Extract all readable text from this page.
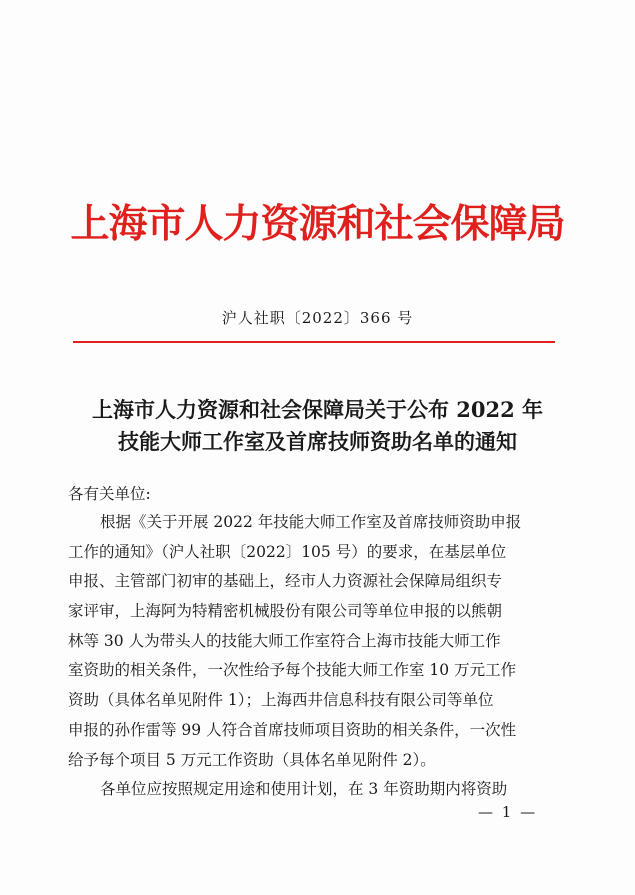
上海市人力资源和社会保障局
沪人社职〔2022〕366 号
上海市人力资源和社会保障局关于公布 2022 年
技能大师工作室及首席技师资助名单的通知
各有关单位:
根据《关于开展 2022 年技能大师工作室及首席技师资助申报
工作的通知》（沪人社职〔2022〕105 号）的要求，在基层单位
申报、主管部门初审的基础上，经市人力资源社会保障局组织专
家评审，上海阿为特精密机械股份有限公司等单位申报的以熊朝
林等 30 人为带头人的技能大师工作室符合上海市技能大师工作
室资助的相关条件，一次性给予每个技能大师工作室 10 万元工作
资助（具体名单见附件 1）；上海西井信息科技有限公司等单位
申报的孙作雷等 99 人符合首席技师项目资助的相关条件，一次性
给予每个项目 5 万元工作资助（具体名单见附件 2）。
各单位应按照规定用途和使用计划，在 3 年资助期内将资助
— 1 —
